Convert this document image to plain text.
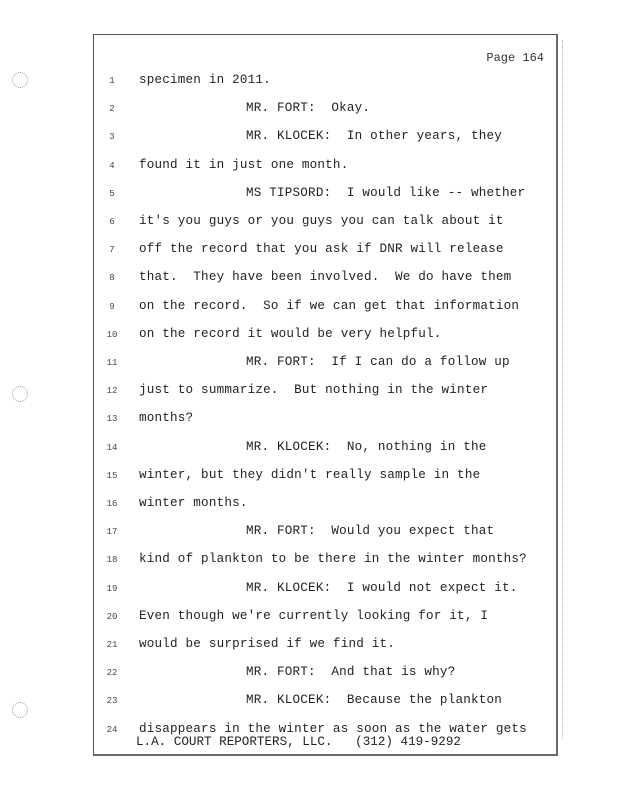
Page 164
1	specimen in 2011.
2	MR. FORT:  Okay.
3	MR. KLOCEK:  In other years, they
4	found it in just one month.
5	MS TIPSORD:  I would like -- whether
6	it's you guys or you guys you can talk about it
7	off the record that you ask if DNR will release
8	that.  They have been involved.  We do have them
9	on the record.  So if we can get that information
10 on the record it would be very helpful.
11	MR. FORT:  If I can do a follow up
12 just to summarize.  But nothing in the winter
13 months?
14	MR. KLOCEK:  No, nothing in the
15 winter, but they didn't really sample in the
16 winter months.
17	MR. FORT:  Would you expect that
18 kind of plankton to be there in the winter months?
19	MR. KLOCEK:  I would not expect it.
20 Even though we're currently looking for it, I
21 would be surprised if we find it.
22	MR. FORT:  And that is why?
23	MR. KLOCEK:  Because the plankton
24 disappears in the winter as soon as the water gets
L.A. COURT REPORTERS, LLC.   (312) 419-9292
